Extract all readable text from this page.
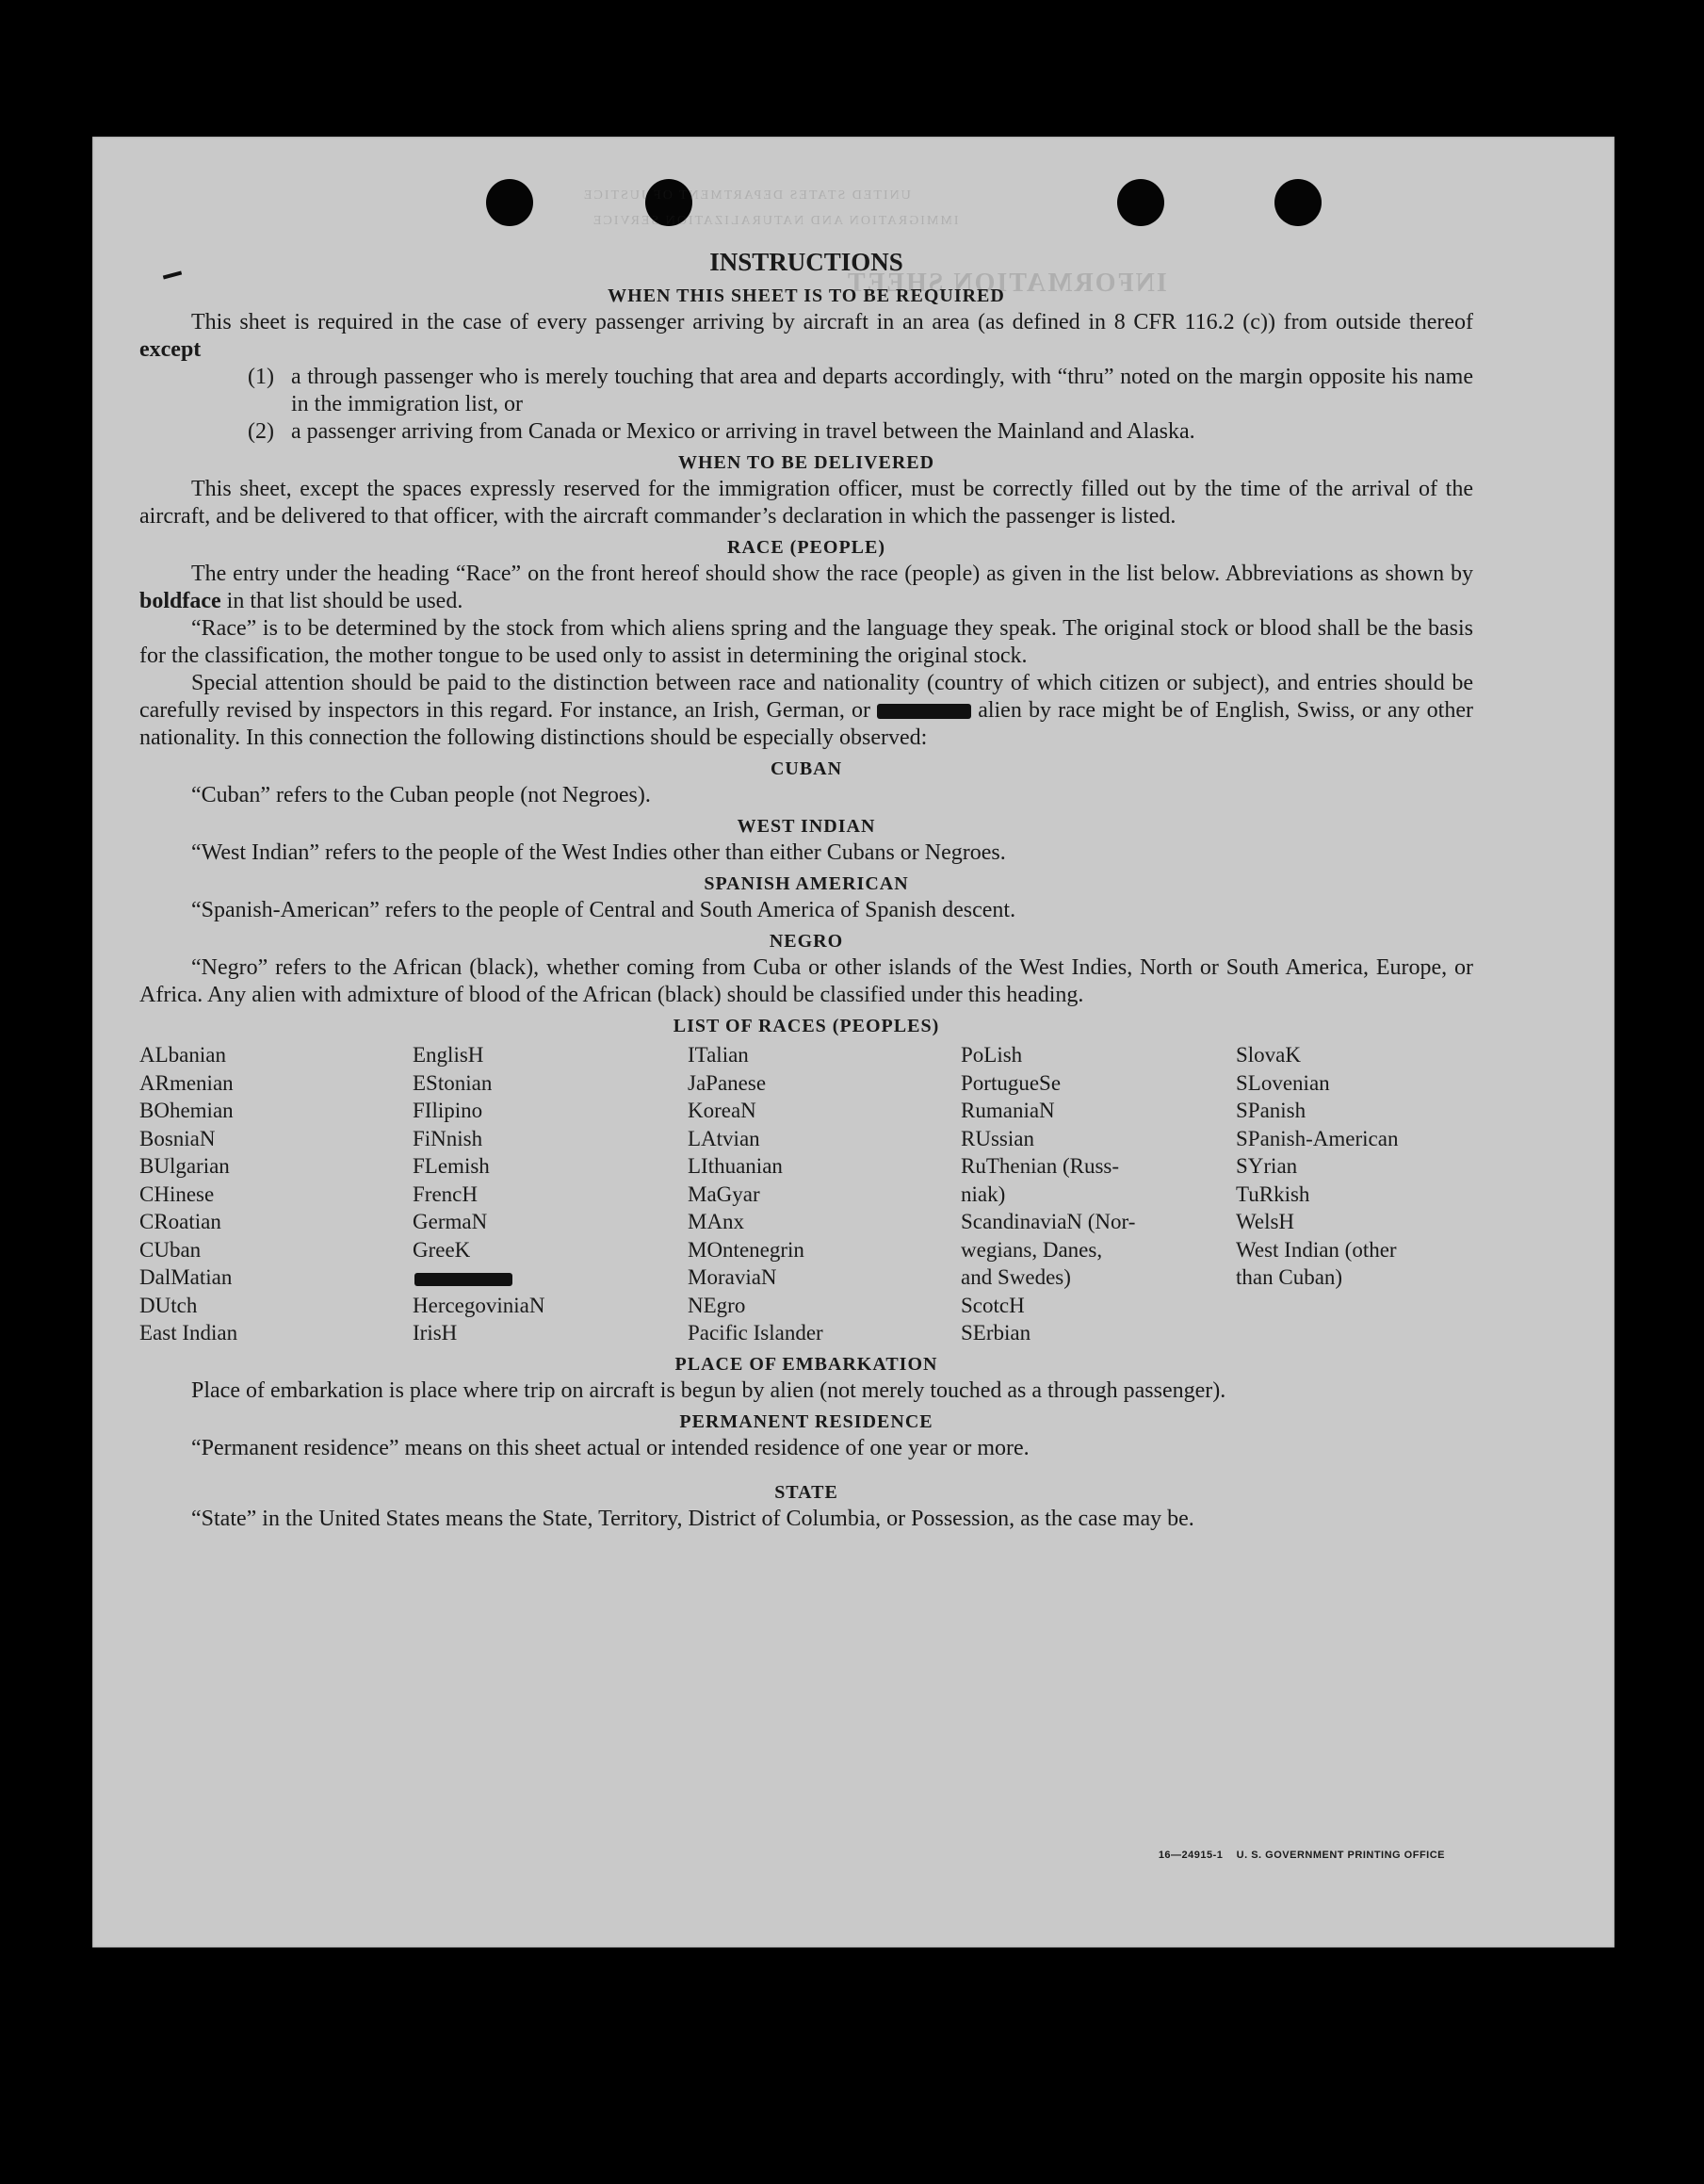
UNITED STATES DEPARTMENT OF JUSTICE
IMMIGRATION AND NATURALIZATION SERVICE
INFORMATION SHEET
INSTRUCTIONS
WHEN THIS SHEET IS TO BE REQUIRED

This sheet is required in the case of every passenger arriving by aircraft in an area (as defined in 8 CFR 116.2 (c)) from outside thereof except

(1) a through passenger who is merely touching that area and departs accordingly, with “thru” noted on the margin opposite his name in the immigration list, or
(2) a passenger arriving from Canada or Mexico or arriving in travel between the Mainland and Alaska.
WHEN TO BE DELIVERED

This sheet, except the spaces expressly reserved for the immigration officer, must be correctly filled out by the time of the arrival of the aircraft, and be delivered to that officer, with the aircraft commander’s declaration in which the passenger is listed.

RACE (PEOPLE)

The entry under the heading “Race” on the front hereof should show the race (people) as given in the list below. Abbreviations as shown by boldface in that list should be used.

“Race” is to be determined by the stock from which aliens spring and the language they speak. The original stock or blood shall be the basis for the classification, the mother tongue to be used only to assist in determining the original stock.

Special attention should be paid to the distinction between race and nationality (country of which citizen or subject), and entries should be carefully revised by inspectors in this regard. For instance, an Irish, German, or	alien by race might be of English, Swiss, or any other nationality. In this connection the following distinctions should be especially observed:

CUBAN

“Cuban” refers to the Cuban people (not Negroes).

WEST INDIAN

“West Indian” refers to the people of the West Indies other than either Cubans or Negroes.

SPANISH AMERICAN

“Spanish-American” refers to the people of Central and South America of Spanish descent.

NEGRO

“Negro” refers to the African (black), whether coming from Cuba or other islands of the West Indies, North or South America, Europe, or Africa. Any alien with admixture of blood of the African (black) should be classified under this heading.

LIST OF RACES (PEOPLES)
ALbanian
ARmenian
BOhemian
BosniaN
BUlgarian
CHinese
CRoatian
CUban
DalMatian
DUtch
East Indian
EnglisH
EStonian
FIlipino
FiNnish
FLemish
FrencH
GermaN
GreeK
HercegoviniaN
IrisH
ITalian
JaPanese
KoreaN
LAtvian
LIthuanian
MaGyar
MAnx
MOntenegrin
MoraviaN
NEgro
Pacific Islander
PoLish
PortugueSe
RumaniaN
RUssian
RuThenian (Russ-
niak)
ScandinaviaN (Nor-
wegians, Danes,
and Swedes)
ScotcH
SErbian
SlovaK
SLovenian
SPanish
SPanish-American
SYrian
TuRkish
WelsH
West Indian (other
than Cuban)
PLACE OF EMBARKATION

Place of embarkation is place where trip on aircraft is begun by alien (not merely touched as a through passenger).

PERMANENT RESIDENCE

“Permanent residence” means on this sheet actual or intended residence of one year or more.

STATE

“State” in the United States means the State, Territory, District of Columbia, or Possession, as the case may be.

16—24915-1 U. S. GOVERNMENT PRINTING OFFICE
